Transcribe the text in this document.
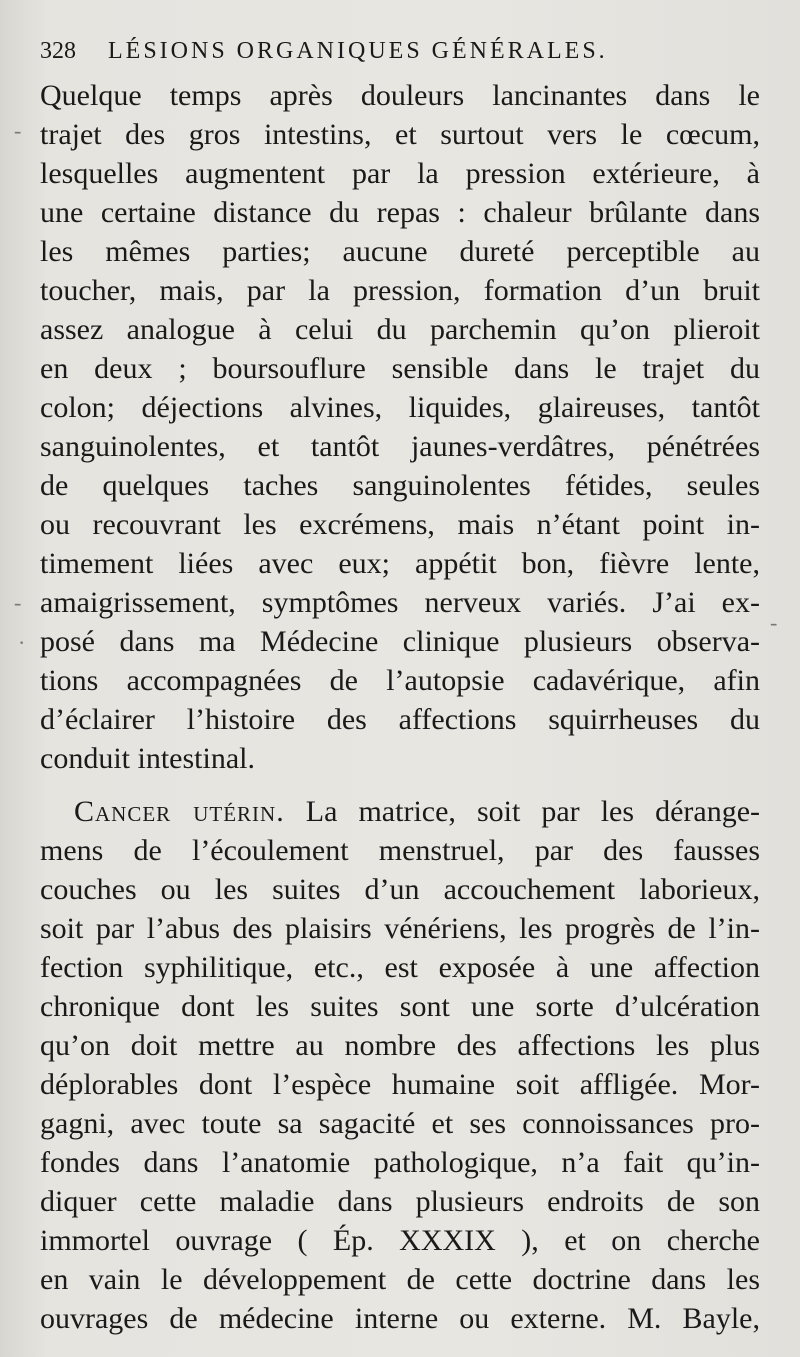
328 LÉSIONS ORGANIQUES GÉNÉRALES.
Quelque temps après douleurs lancinantes dans le
trajet des gros intestins, et surtout vers le cœcum,
lesquelles augmentent par la pression extérieure, à
une certaine distance du repas : chaleur brûlante dans
les mêmes parties; aucune dureté perceptible au
toucher, mais, par la pression, formation d’un bruit
assez analogue à celui du parchemin qu’on plieroit
en deux ; boursouflure sensible dans le trajet du
colon; déjections alvines, liquides, glaireuses, tantôt
sanguinolentes, et tantôt jaunes-verdâtres, pénétrées
de quelques taches sanguinolentes fétides, seules
ou recouvrant les excrémens, mais n’étant point in-
timement liées avec eux; appétit bon, fièvre lente,
amaigrissement, symptômes nerveux variés. J’ai ex-
posé dans ma Médecine clinique plusieurs observa-
tions accompagnées de l’autopsie cadavérique, afin
d’éclairer l’histoire des affections squirrheuses du
conduit intestinal.
Cancer utérin. La matrice, soit par les dérange-
mens de l’écoulement menstruel, par des fausses
couches ou les suites d’un accouchement laborieux,
soit par l’abus des plaisirs vénériens, les progrès de l’in-
fection syphilitique, etc., est exposée à une affection
chronique dont les suites sont une sorte d’ulcération
qu’on doit mettre au nombre des affections les plus
déplorables dont l’espèce humaine soit affligée. Mor-
gagni, avec toute sa sagacité et ses connoissances pro-
fondes dans l’anatomie pathologique, n’a fait qu’in-
diquer cette maladie dans plusieurs endroits de son
immortel ouvrage ( Ép. XXXIX ), et on cherche
en vain le développement de cette doctrine dans les
ouvrages de médecine interne ou externe. M. Bayle,
-
-
·
-
